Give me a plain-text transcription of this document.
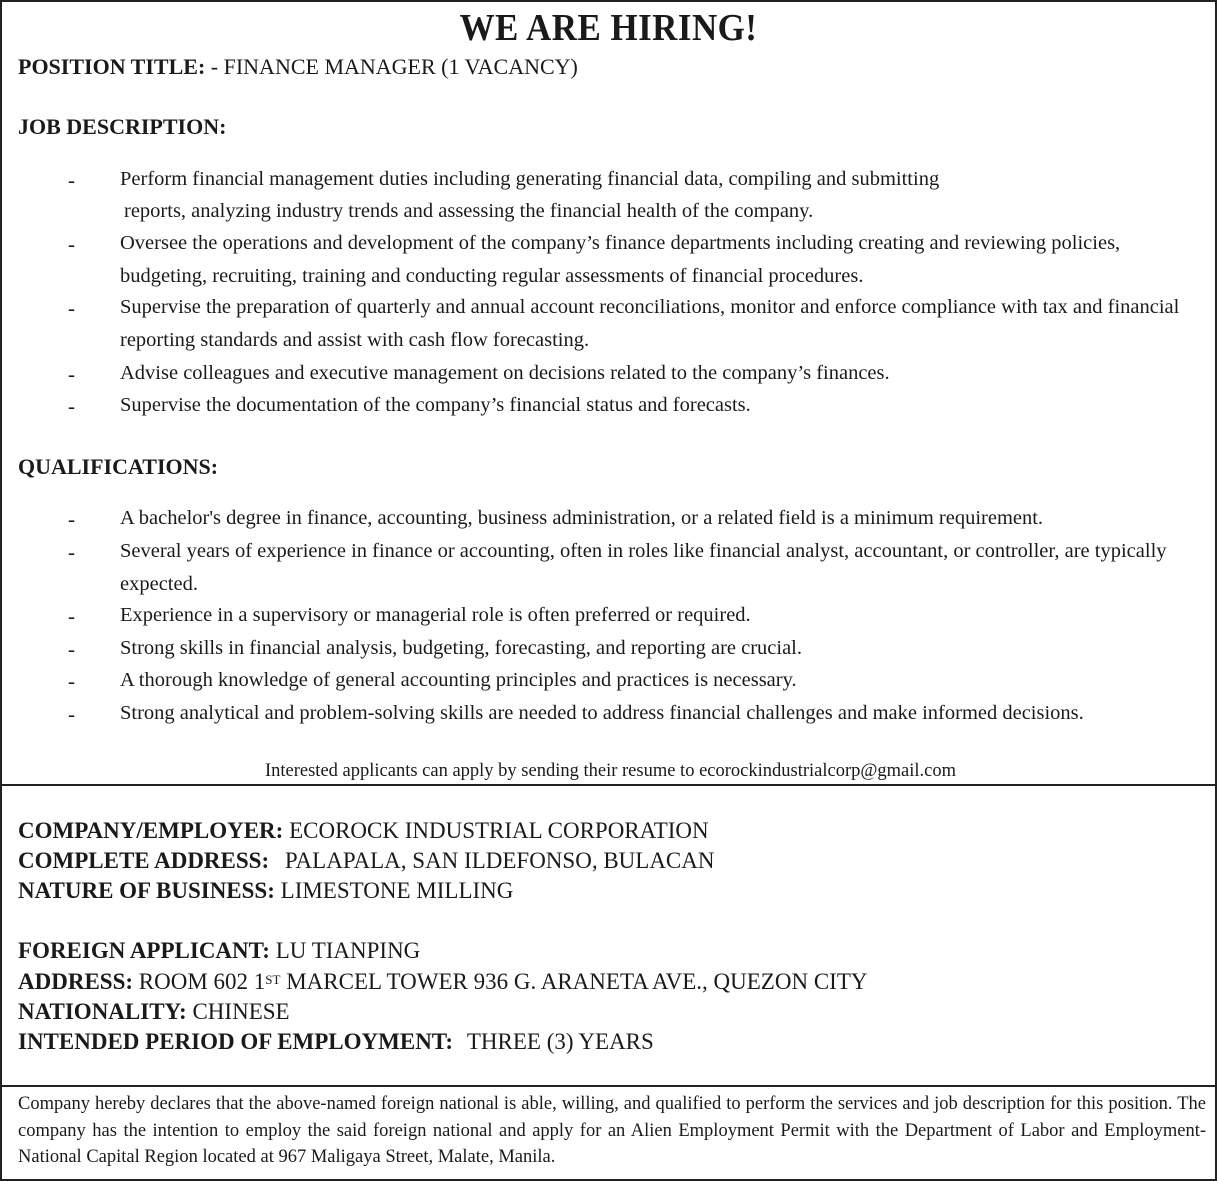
WE ARE HIRING!
POSITION TITLE: - FINANCE MANAGER (1 VACANCY)
JOB DESCRIPTION:
- Perform financial management duties including generating financial data, compiling and submitting
reports, analyzing industry trends and assessing the financial health of the company.
- Oversee the operations and development of the company’s finance departments including creating and reviewing policies, budgeting, recruiting, training and conducting regular assessments of financial procedures.
- Supervise the preparation of quarterly and annual account reconciliations, monitor and enforce compliance with tax and financial reporting standards and assist with cash flow forecasting.
- Advise colleagues and executive management on decisions related to the company’s finances.
- Supervise the documentation of the company’s financial status and forecasts.
QUALIFICATIONS:
- A bachelor's degree in finance, accounting, business administration, or a related field is a minimum requirement.
- Several years of experience in finance or accounting, often in roles like financial analyst, accountant, or controller, are typically expected.
- Experience in a supervisory or managerial role is often preferred or required.
- Strong skills in financial analysis, budgeting, forecasting, and reporting are crucial.
- A thorough knowledge of general accounting principles and practices is necessary.
- Strong analytical and problem-solving skills are needed to address financial challenges and make informed decisions.
Interested applicants can apply by sending their resume to ecorockindustrialcorp@gmail.com
COMPANY/EMPLOYER: ECOROCK INDUSTRIAL CORPORATION
COMPLETE ADDRESS: PALAPALA, SAN ILDEFONSO, BULACAN
NATURE OF BUSINESS: LIMESTONE MILLING
FOREIGN APPLICANT: LU TIANPING
ADDRESS: ROOM 602 1ST MARCEL TOWER 936 G. ARANETA AVE., QUEZON CITY
NATIONALITY: CHINESE
INTENDED PERIOD OF EMPLOYMENT: THREE (3) YEARS
Company hereby declares that the above-named foreign national is able, willing, and qualified to perform the services and job description for this position. The company has the intention to employ the said foreign national and apply for an Alien Employment Permit with the Department of Labor and Employment- National Capital Region located at 967 Maligaya Street, Malate, Manila.
